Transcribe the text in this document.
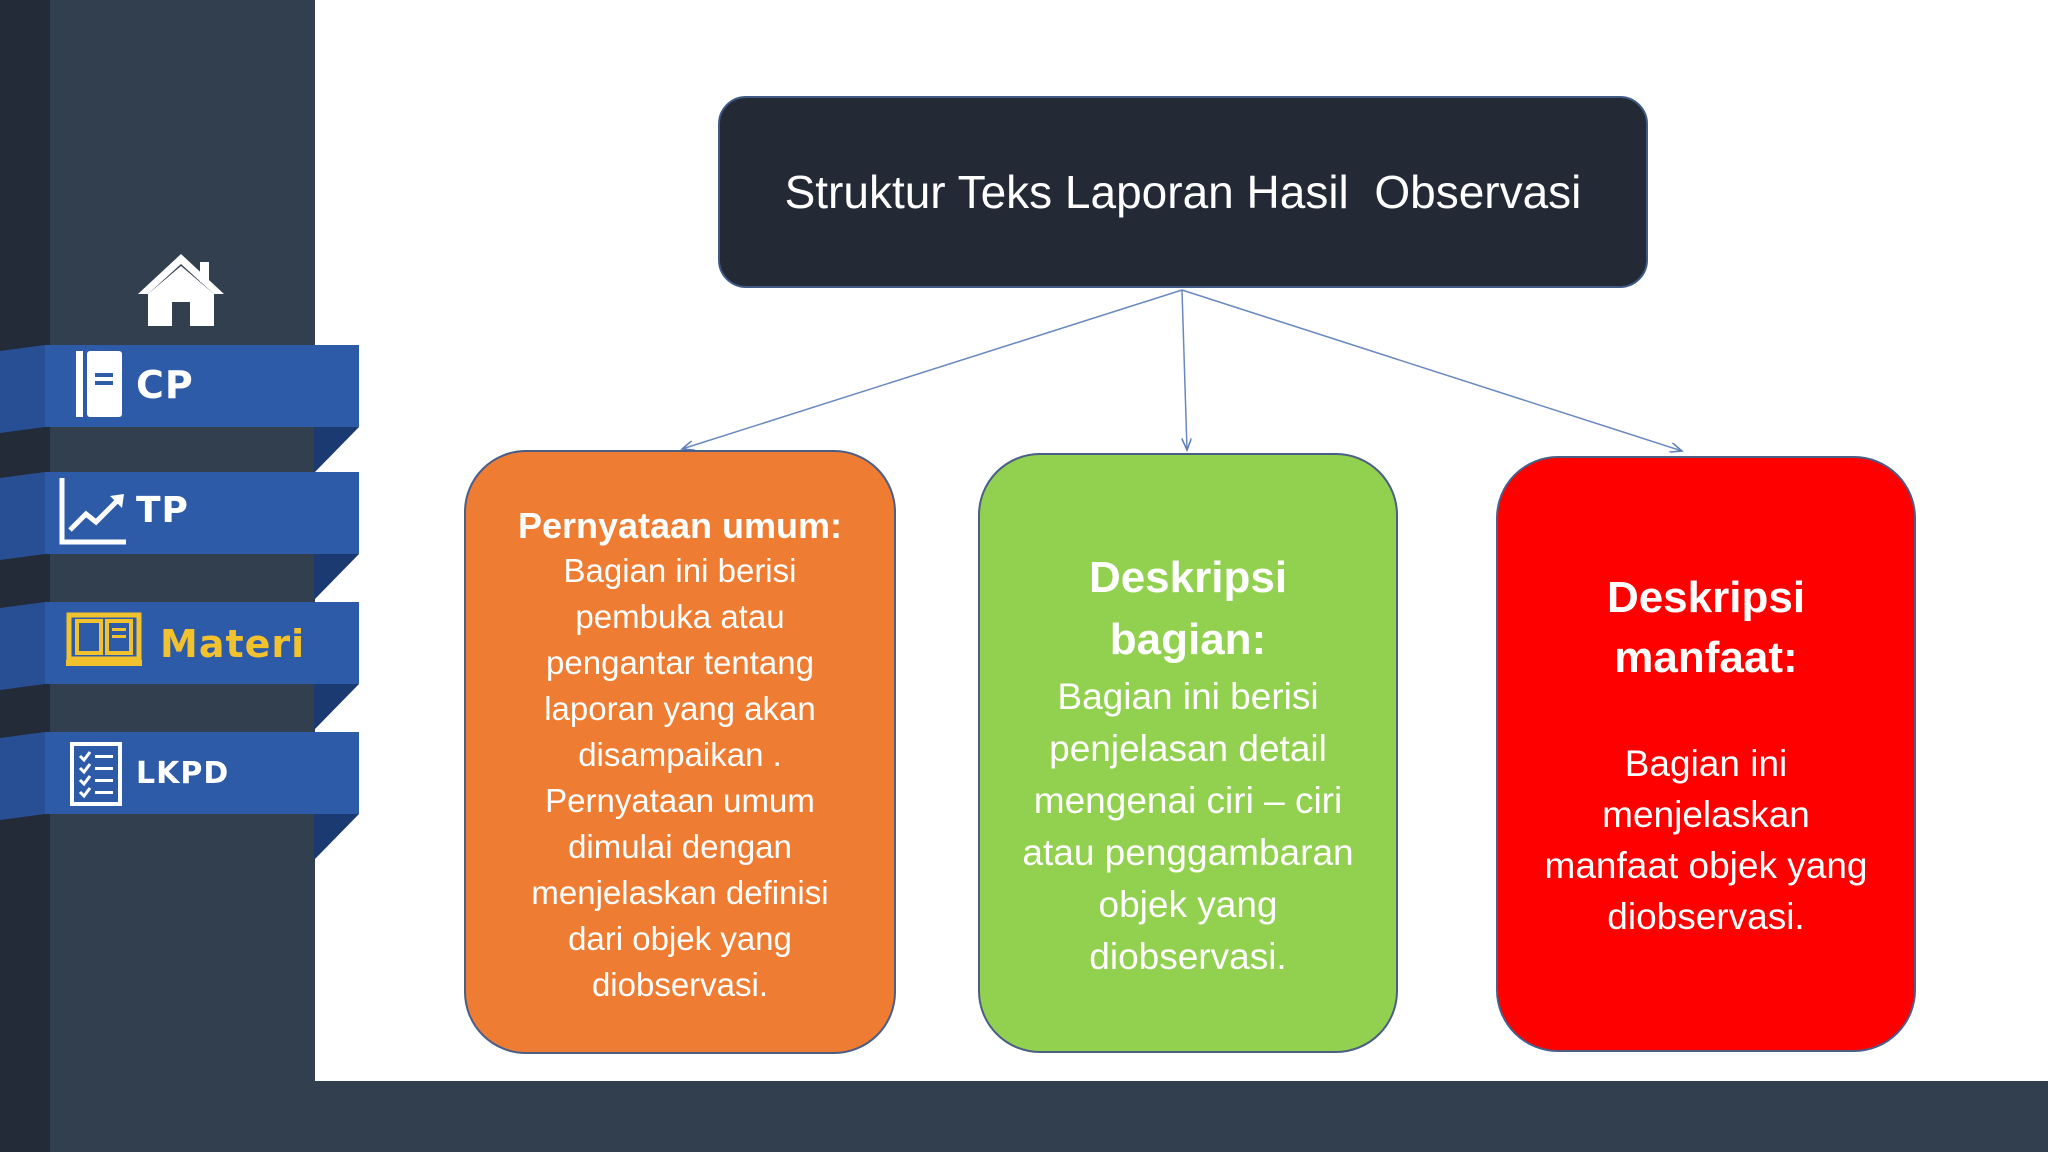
CP
TP
Materi
LKPD
Struktur Teks Laporan Hasil  Observasi
Pernyataan umum:
Bagian ini berisi
pembuka atau
pengantar tentang
laporan yang akan
disampaikan .
Pernyataan umum
dimulai dengan
menjelaskan definisi
dari objek yang
diobservasi.
Deskripsi
bagian:
Bagian ini berisi
penjelasan detail
mengenai ciri – ciri
atau penggambaran
objek yang
diobservasi.
Deskripsi
manfaat:
Bagian ini
menjelaskan
manfaat objek yang
diobservasi.
